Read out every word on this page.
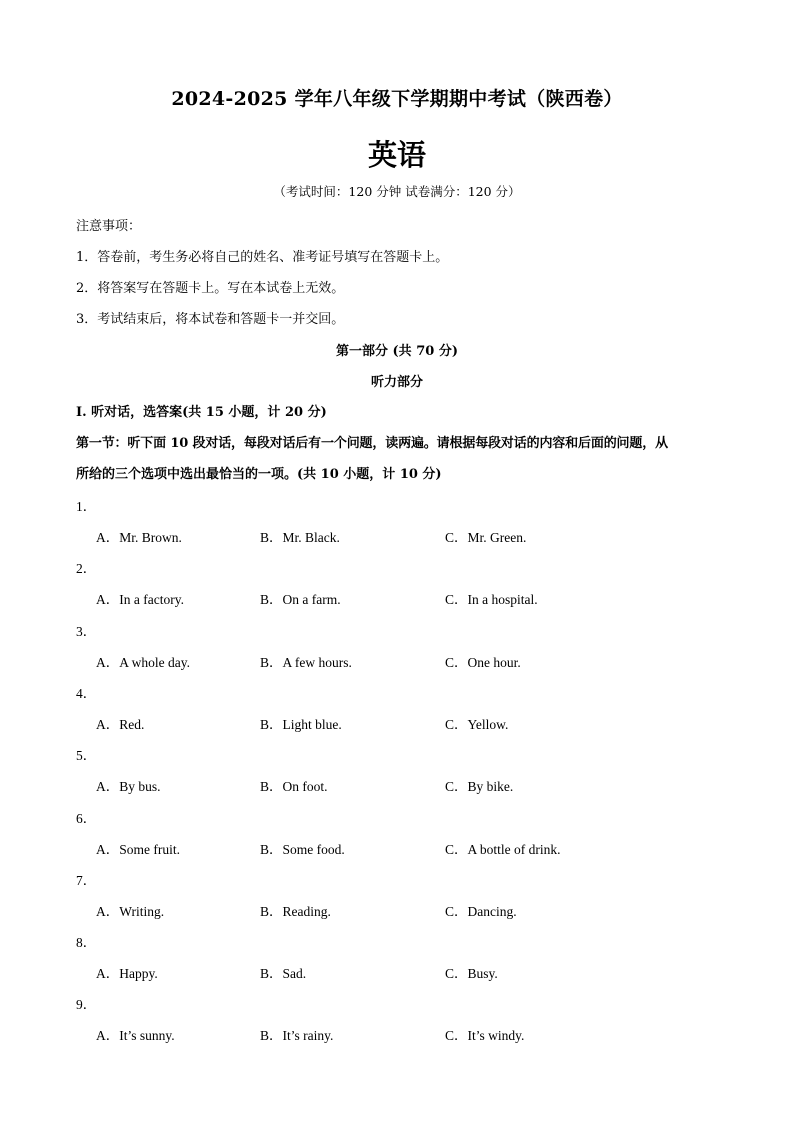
2024-2025 学年八年级下学期期中考试（陕西卷）
英语
（考试时间：120 分钟 试卷满分：120 分）
注意事项：
1．答卷前，考生务必将自己的姓名、准考证号填写在答题卡上。
2．将答案写在答题卡上。写在本试卷上无效。
3．考试结束后，将本试卷和答题卡一并交回。
第一部分 (共 70 分)
听力部分
I. 听对话，选答案(共 15 小题，计 20 分)
第一节：听下面 10 段对话，每段对话后有一个问题，读两遍。请根据每段对话的内容和后面的问题，从
所给的三个选项中选出最恰当的一项。(共 10 小题，计 10 分)
1．
A．Mr. Brown.	B．Mr. Black.	C．Mr. Green.
2．
A．In a factory.	B．On a farm.	C．In a hospital.
3．
A．A whole day.	B．A few hours.	C．One hour.
4．
A．Red.	B．Light blue.	C．Yellow.
5．
A．By bus.	B．On foot.	C．By bike.
6．
A．Some fruit.	B．Some food.	C．A bottle of drink.
7．
A．Writing.	B．Reading.	C．Dancing.
8．
A．Happy.	B．Sad.	C．Busy.
9．
A．It’s sunny.	B．It’s rainy.	C．It’s windy.
